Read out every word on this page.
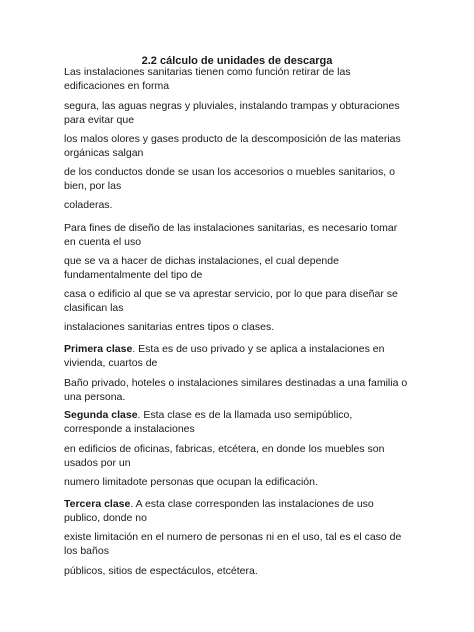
2.2 cálculo de unidades de descarga

Las instalaciones sanitarias tienen como función retirar de las edificaciones en forma

segura, las aguas negras y pluviales, instalando trampas y obturaciones para evitar que

los malos olores y gases producto de la descomposición de las materias orgánicas salgan

de los conductos donde se usan los accesorios o muebles sanitarios, o bien, por las

coladeras.

Para fines de diseño de las instalaciones sanitarias, es necesario tomar en cuenta el uso

que se va a hacer de dichas instalaciones, el cual depende fundamentalmente del tipo de

casa o edificio al que se va aprestar servicio, por lo que para diseñar se clasifican las

instalaciones sanitarias entres tipos o clases.

Primera clase. Esta es de uso privado y se aplica a instalaciones en vivienda, cuartos de

Baño privado, hoteles o instalaciones similares destinadas a una familia o una persona.

Segunda clase. Esta clase es de la llamada uso semipúblico, corresponde a instalaciones

en edificios de oficinas, fabricas, etcétera, en donde los muebles son usados por un

numero limitadote personas que ocupan la edificación.

Tercera clase. A esta clase corresponden las instalaciones de uso publico, donde no

existe limitación en el numero de personas ni en el uso, tal es el caso de los baños

públicos, sitios de espectáculos, etcétera.
